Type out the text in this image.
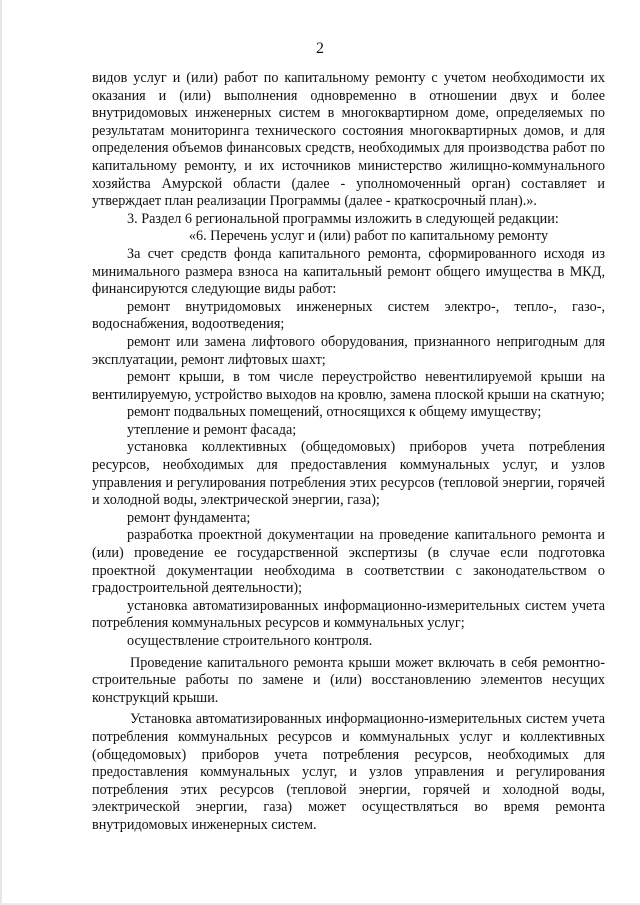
2

видов услуг и (или) работ по капитальному ремонту с учетом необходимости их оказания и (или) выполнения одновременно в отношении двух и более внутридомовых инженерных систем в многоквартирном доме, определяемых по результатам мониторинга технического состояния многоквартирных домов, и для определения объемов финансовых средств, необходимых для производства работ по капитальному ремонту, и их источников министерство жилищно-коммунального хозяйства Амурской области (далее - уполномоченный орган) составляет и утверждает план реализации Программы (далее - краткосрочный план).».

3. Раздел 6 региональной программы изложить в следующей редакции:

«6. Перечень услуг и (или) работ по капитальному ремонту

За счет средств фонда капитального ремонта, сформированного исходя из минимального размера взноса на капитальный ремонт общего имущества в МКД, финансируются следующие виды работ:

ремонт внутридомовых инженерных систем электро-, тепло-, газо-, водоснабжения, водоотведения;

ремонт или замена лифтового оборудования, признанного непригодным для эксплуатации, ремонт лифтовых шахт;

ремонт крыши, в том числе переустройство невентилируемой крыши на вентилируемую, устройство выходов на кровлю, замена плоской крыши на скатную;

ремонт подвальных помещений, относящихся к общему имуществу;

утепление и ремонт фасада;

установка коллективных (общедомовых) приборов учета потребления ресурсов, необходимых для предоставления коммунальных услуг, и узлов управления и регулирования потребления этих ресурсов (тепловой энергии, горячей и холодной воды, электрической энергии, газа);

ремонт фундамента;

разработка проектной документации на проведение капитального ремонта и (или) проведение ее государственной экспертизы (в случае если подготовка проектной документации необходима в соответствии с законодательством о градостроительной деятельности);

установка автоматизированных информационно-измерительных систем учета потребления коммунальных ресурсов и коммунальных услуг;

осуществление строительного контроля.

Проведение капитального ремонта крыши может включать в себя ремонтно-строительные работы по замене и (или) восстановлению элементов несущих конструкций крыши.

Установка автоматизированных информационно-измерительных систем учета потребления коммунальных ресурсов и коммунальных услуг и коллективных (общедомовых) приборов учета потребления ресурсов, необходимых для предоставления коммунальных услуг, и узлов управления и регулирования потребления этих ресурсов (тепловой энергии, горячей и холодной воды, электрической энергии, газа) может осуществляться во время ремонта внутридомовых инженерных систем.
